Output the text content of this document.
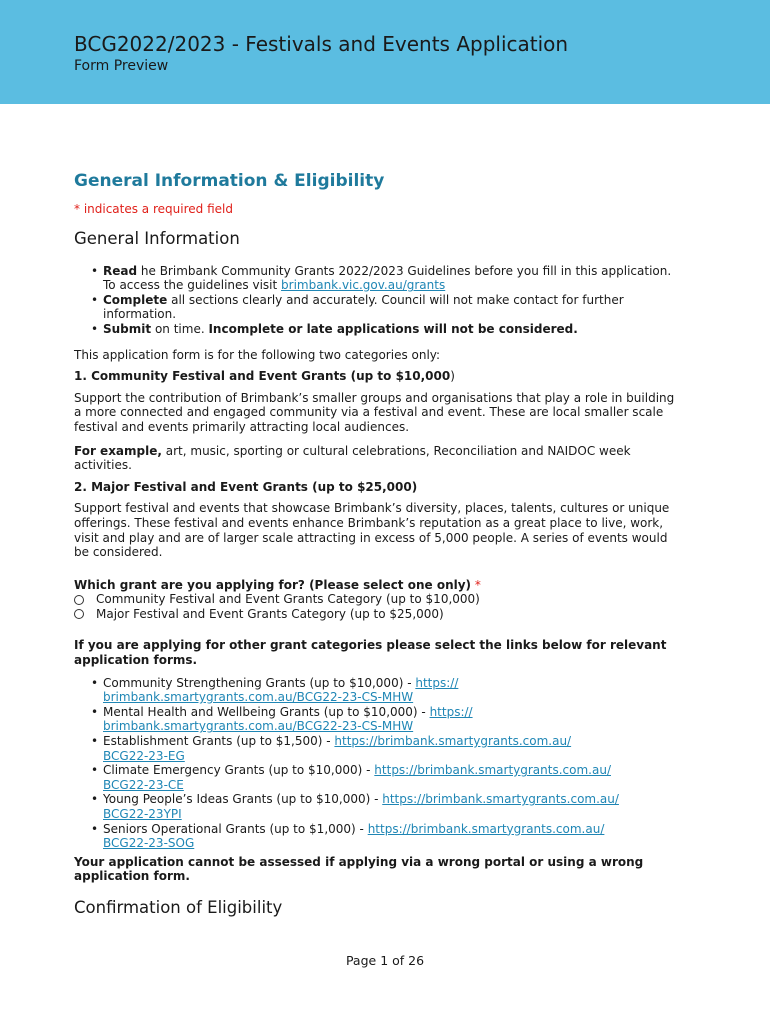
BCG2022/2023 - Festivals and Events Application
Form Preview
General Information & Eligibility
* indicates a required field
General Information
• Read he Brimbank Community Grants 2022/2023 Guidelines before you fill in this application. To access the guidelines visit brimbank.vic.gov.au/grants
• Complete all sections clearly and accurately. Council will not make contact for further information.
• Submit on time. Incomplete or late applications will not be considered.

This application form is for the following two categories only:

1. Community Festival and Event Grants (up to $10,000)

Support the contribution of Brimbank’s smaller groups and organisations that play a role in building a more connected and engaged community via a festival and event. These are local smaller scale festival and events primarily attracting local audiences.

For example, art, music, sporting or cultural celebrations, Reconciliation and NAIDOC week activities.

2. Major Festival and Event Grants (up to $25,000)

Support festival and events that showcase Brimbank’s diversity, places, talents, cultures or unique offerings. These festival and events enhance Brimbank’s reputation as a great place to live, work, visit and play and are of larger scale attracting in excess of 5,000 people. A series of events would be considered.

Which grant are you applying for? (Please select one only) *
Community Festival and Event Grants Category (up to $10,000)
Major Festival and Event Grants Category (up to $25,000)

If you are applying for other grant categories please select the links below for relevant application forms.

• Community Strengthening Grants (up to $10,000) - https://
brimbank.smartygrants.com.au/BCG22-23-CS-MHW
• Mental Health and Wellbeing Grants (up to $10,000) - https://
brimbank.smartygrants.com.au/BCG22-23-CS-MHW
• Establishment Grants (up to $1,500) - https://brimbank.smartygrants.com.au/
BCG22-23-EG
• Climate Emergency Grants (up to $10,000) - https://brimbank.smartygrants.com.au/
BCG22-23-CE
• Young People’s Ideas Grants (up to $10,000) - https://brimbank.smartygrants.com.au/
BCG22-23YPI
• Seniors Operational Grants (up to $1,000) - https://brimbank.smartygrants.com.au/
BCG22-23-SOG

Your application cannot be assessed if applying via a wrong portal or using a wrong application form.

Confirmation of Eligibility
Page 1 of 26
